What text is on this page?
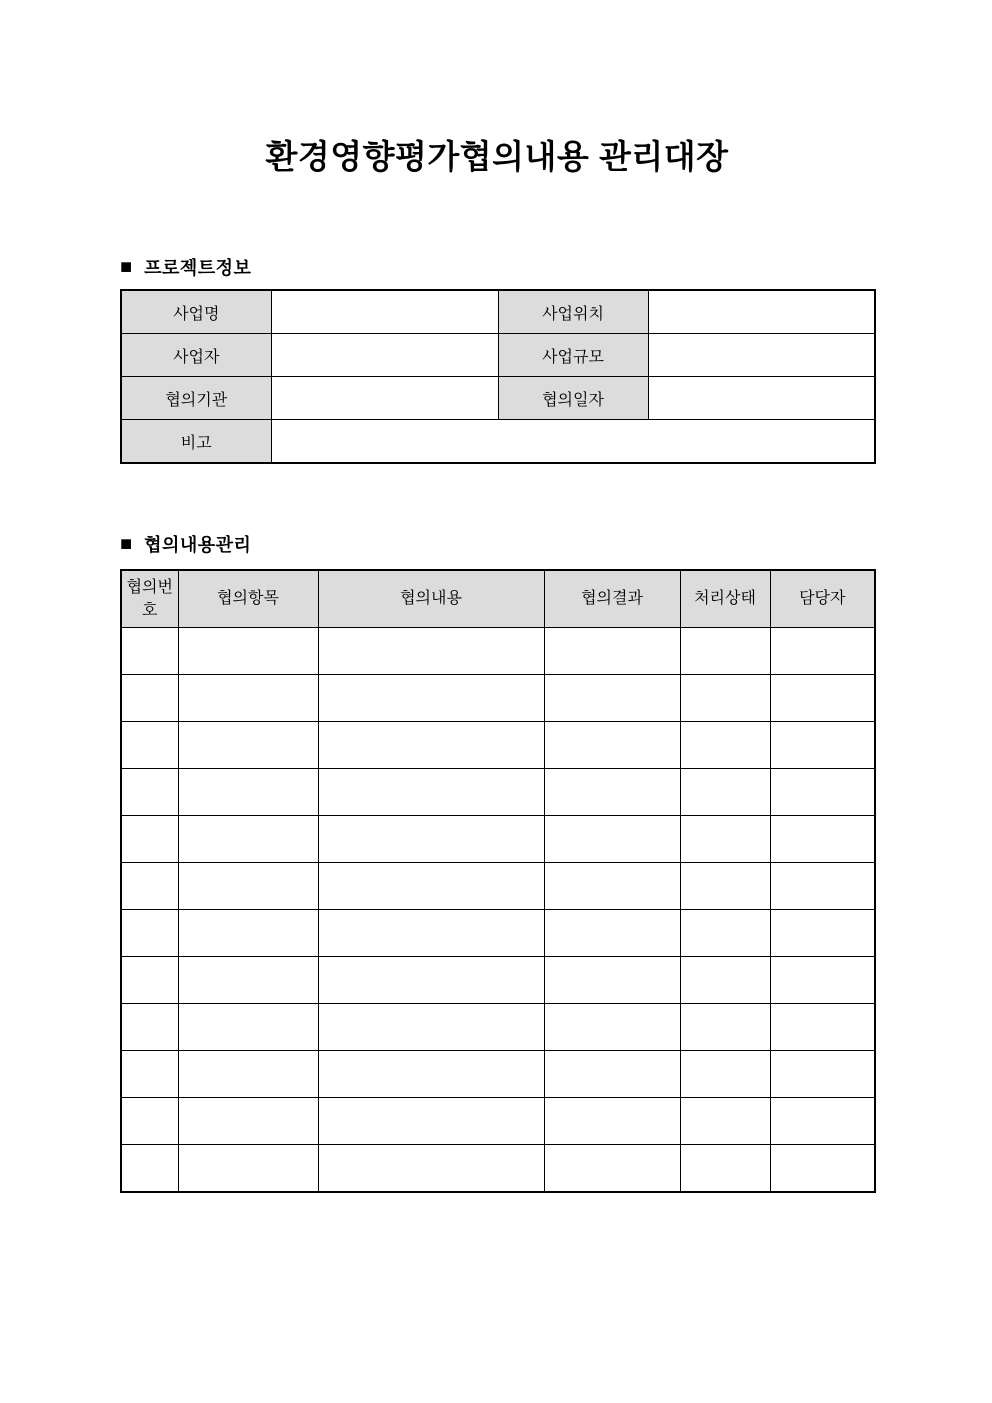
환경영향평가협의내용 관리대장
■ 프로젝트정보
사업명		사업위치	
사업자		사업규모	
협의기관		협의일자	
비고			
■ 협의내용관리
협의번호	협의항목	협의내용	협의결과	처리상태	담당자
